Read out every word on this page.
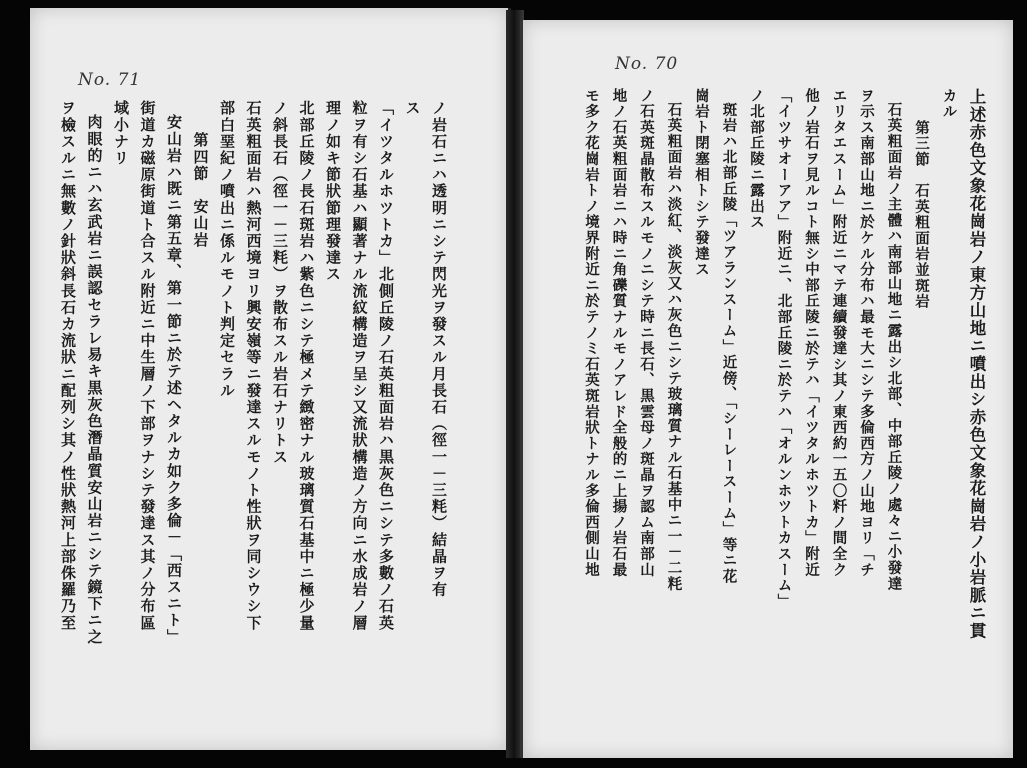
No. 71
No. 70
ノ岩石ニハ透明ニシテ閃光ヲ發スル月長石（徑一－三粍）結晶ヲ有
ス
「イツタルホツトカ」北側丘陵ノ石英粗面岩ハ黒灰色ニシテ多數ノ石英
粒ヲ有シ石基ハ顯著ナル流紋構造ヲ呈シ又流狀構造ノ方向ニ水成岩ノ層
理ノ如キ節狀節理發達ス
北部丘陵ノ長石斑岩ハ紫色ニシテ極メテ緻密ナル玻璃質石基中ニ極少量
ノ斜長石（徑一－三粍）ヲ散布スル岩石ナリトス
石英粗面岩ハ熱河西境ヨリ興安嶺等ニ發達スルモノト性狀ヲ同シウシ下
部白堊紀ノ噴出ニ係ルモノト判定セラル
第四節　安山岩
安山岩ハ既ニ第五章、第一節ニ於テ述ヘタルカ如ク多倫－「西スニト」
街道カ磁原街道ト合スル附近ニ中生層ノ下部ヲナシテ發達ス其ノ分布區
域小ナリ
肉眼的ニハ玄武岩ニ誤認セラレ易キ黒灰色潛晶質安山岩ニシテ鏡下ニ之
ヲ檢スルニ無數ノ針狀斜長石カ流狀ニ配列シ其ノ性狀熱河上部侏羅乃至	上述赤色文象花崗岩ノ東方山地ニ噴出シ赤色文象花崗岩ノ小岩脈ニ貫
カル
第三節　石英粗面岩並斑岩
石英粗面岩ノ主體ハ南部山地ニ露出シ北部、中部丘陵ノ處々ニ小發達
ヲ示ス南部山地ニ於ケル分布ハ最モ大ニシテ多倫西方ノ山地ヨリ「チ
エリタエスーム」附近ニマテ連續發達シ其ノ東西約一五〇粁ノ間全ク
他ノ岩石ヲ見ルコト無シ中部丘陵ニ於テハ「イツタルホツトカ」附近
「イツサオーアア」附近ニ、北部丘陵ニ於テハ「オルンホツトカスーム」
ノ北部丘陵ニ露出ス
斑岩ハ北部丘陵「ツアランスーム」近傍、「シーレースーム」等ニ花
崗岩ト閉塞相トシテ發達ス
石英粗面岩ハ淡紅、淡灰又ハ灰色ニシテ玻璃質ナル石基中ニ一－二粍
ノ石英斑晶散布スルモノニシテ時ニ長石、黒雲母ノ斑晶ヲ認ム南部山
地ノ石英粗面岩ニハ時ニ角礫質ナルモノアレド全般的ニ上揚ノ岩石最
モ多ク花崗岩トノ境界附近ニ於テノミ石英斑岩狀トナル多倫西側山地
